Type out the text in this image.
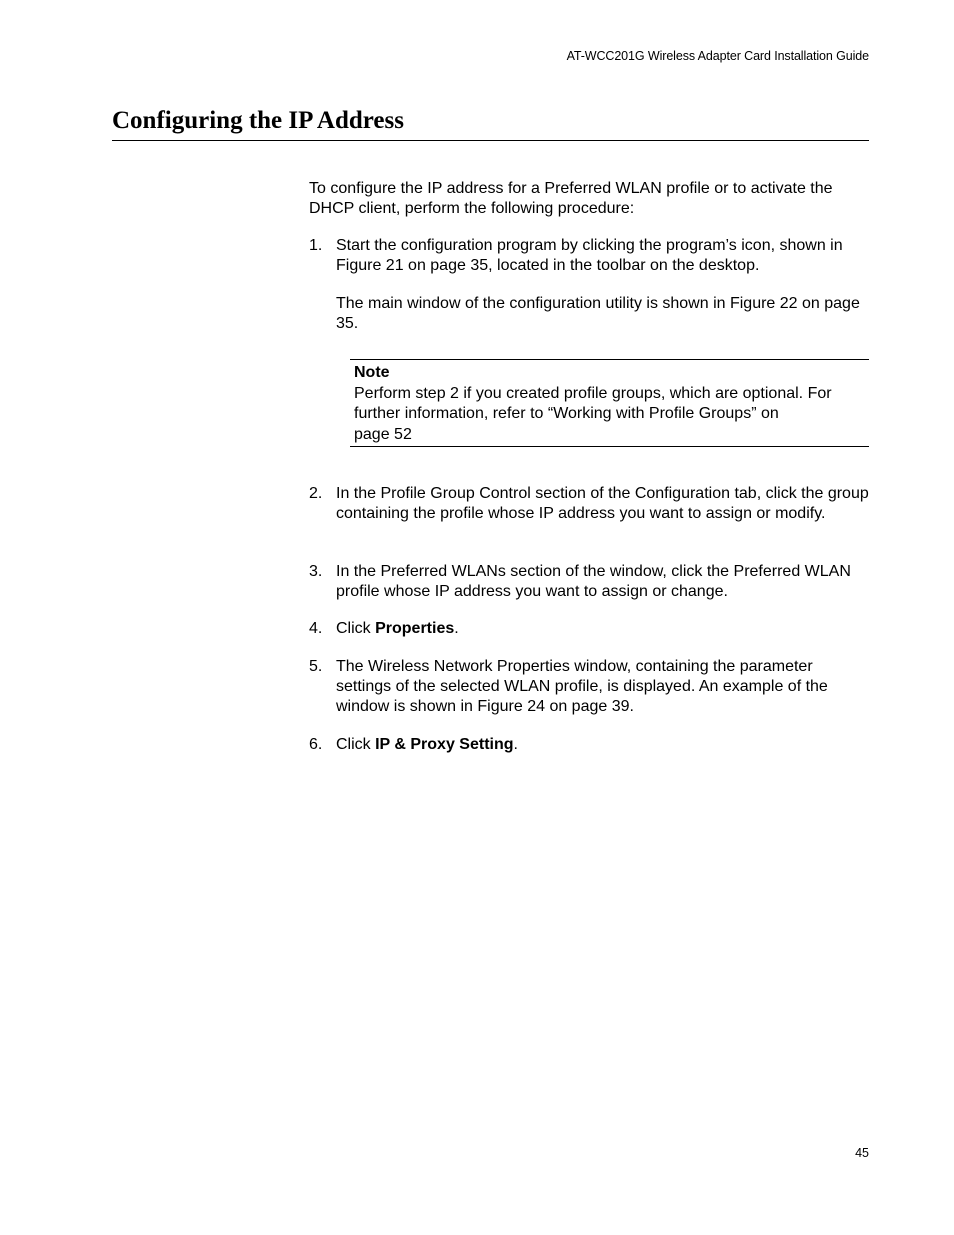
AT-WCC201G Wireless Adapter Card Installation Guide
Configuring the IP Address

To configure the IP address for a Preferred WLAN profile or to activate the DHCP client, perform the following procedure:

1. Start the configuration program by clicking the program’s icon, shown in Figure 21 on page 35, located in the toolbar on the desktop.

The main window of the configuration utility is shown in Figure 22 on page 35.

Note
Perform step 2 if you created profile groups, which are optional. For
further information, refer to “Working with Profile Groups” on
page 52
2. In the Profile Group Control section of the Configuration tab, click the group containing the profile whose IP address you want to assign or modify.

3. In the Preferred WLANs section of the window, click the Preferred WLAN profile whose IP address you want to assign or change.

4. Click Properties.

5. The Wireless Network Properties window, containing the parameter settings of the selected WLAN profile, is displayed. An example of the window is shown in Figure 24 on page 39.

6. Click IP & Proxy Setting.

45
